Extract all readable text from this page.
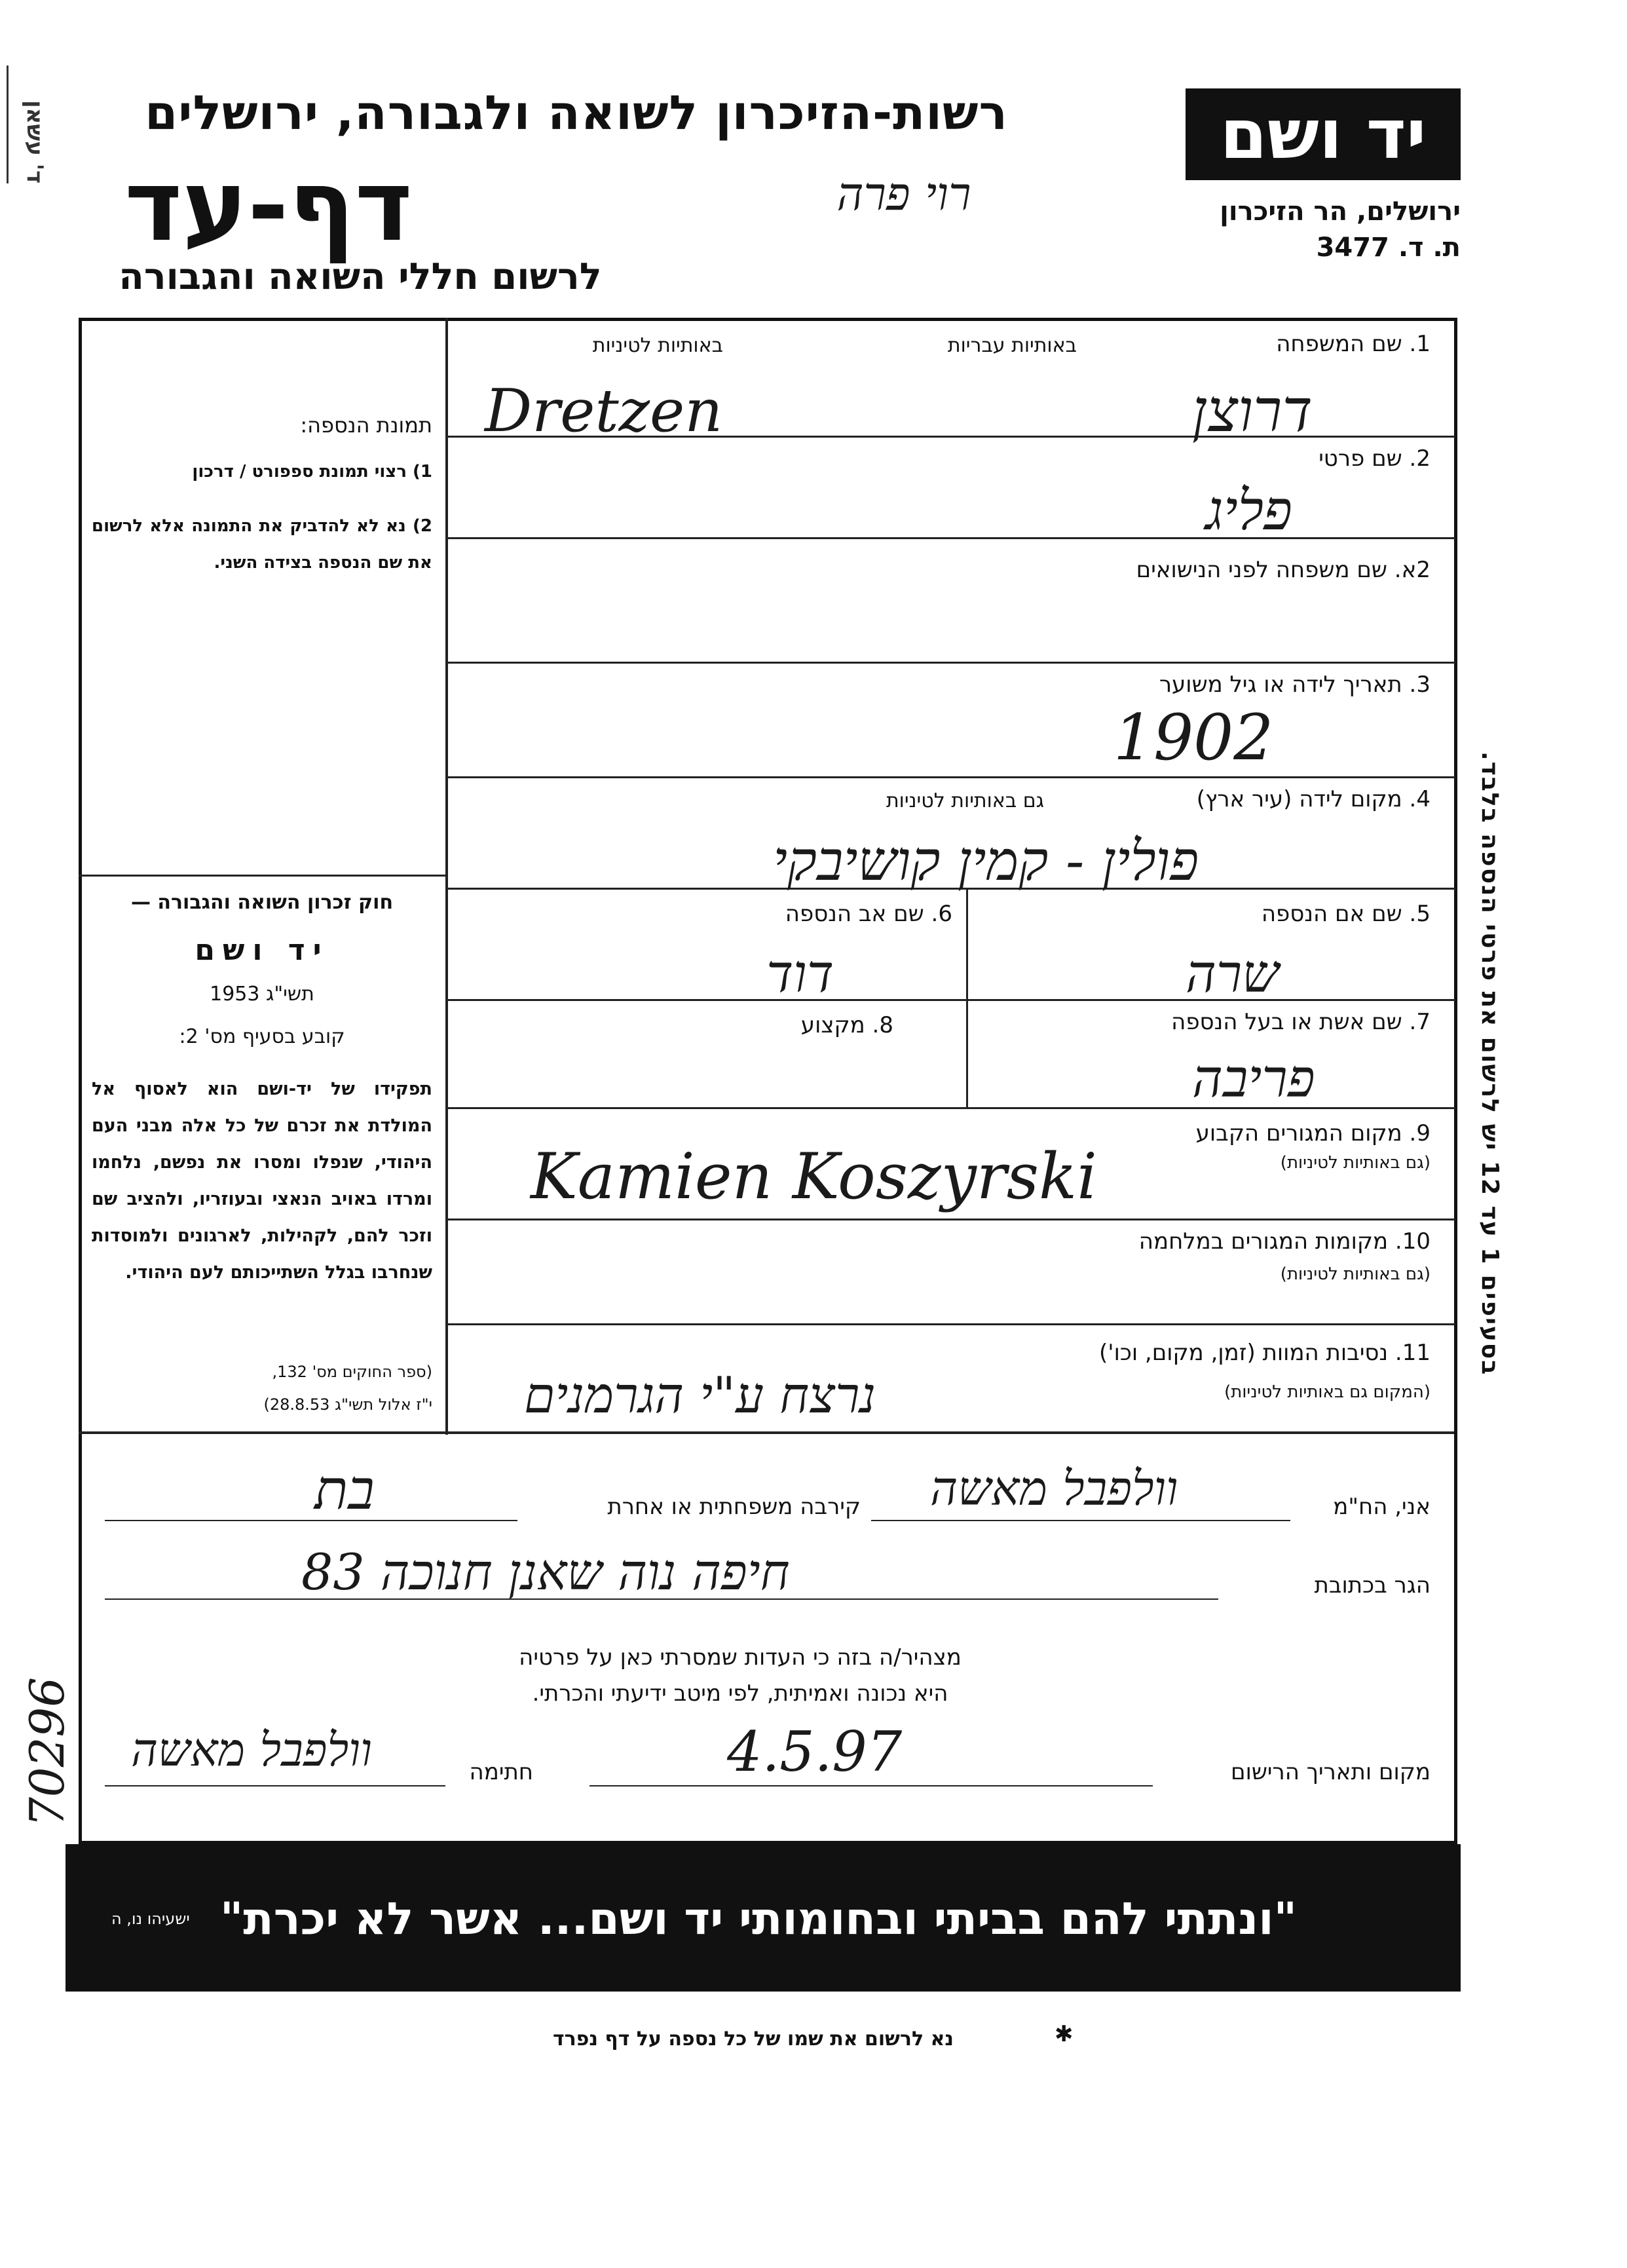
ד' עשאן	רשות-הזיכרון לשואה ולגבורה, ירושלים
דף-עד	רוי פרה
לרשום חללי השואה והגבורה
יד ושם
ירושלים, הר הזיכרון
ת. ד. 3477
תמונת הנספה:
1) רצוי תמונת ספפורט / דרכון
2) נא לא להדביק את התמונה אלא לרשום את שם הנספה בצידה השני.
חוק זכרון השואה והגבורה —
יד ושם
תשי"ג 1953
קובע בסעיף מס' 2:
תפקידו של יד-ושם הוא לאסוף אל המולדת את זכרם של כל אלה מבני העם היהודי, שנפלו ומסרו את נפשם, נלחמו ומרדו באויב הנאצי ובעוזריו, ולהציב שם וזכר להם, לקהילות, לארגונים ולמוסדות שנחרבו בגלל השתייכותם לעם היהודי.
(ספר החוקים מס' 132,
י"ז אלול תשי"ג 28.8.53)
בסעיפים 1 עד 12 יש לרשום את פרטי הנספה בלבד.
1. שם המשפחה
באותיות עבריות
באותיות לטיניות
Dretzen	דרוצן
2. שם פרטי
פליג
2א. שם משפחה לפני הנישואים
3. תאריך לידה או גיל משוער
1902
4. מקום לידה (עיר ארץ)
גם באותיות לטיניות
פולין - קמין קושיבקי
5. שם אם הנספה
שרה
6. שם אב הנספה
דוד
7. שם אשת או בעל הנספה
פריבה
8. מקצוע
9. מקום המגורים הקבוע
(גם באותיות לטיניות)
Kamien Koszyrski
10. מקומות המגורים במלחמה
(גם באותיות לטיניות)
11. נסיבות המוות (זמן, מקום, וכו')
(המקום גם באותיות לטיניות)
נרצח ע"י הגרמנים
אני, הח"מ
וולפבל מאשה
קירבה משפחתית או אחרת
בת
הגר בכתובת
חיפה נוה שאנן חנוכה 83
מצהיר/ה בזה כי העדות שמסרתי כאן על פרטיה
היא נכונה ואמיתית, לפי מיטב ידיעתי והכרתי.
מקום ותאריך הרישום
4.5.97
חתימה
וולפבל מאשה
"ונתתי להם בביתי ובחומותי יד ושם... אשר לא יכרת"
ישעיהו נו, ה
70296
נא לרשום את שמו של כל נספה על דף נפרד	✱
